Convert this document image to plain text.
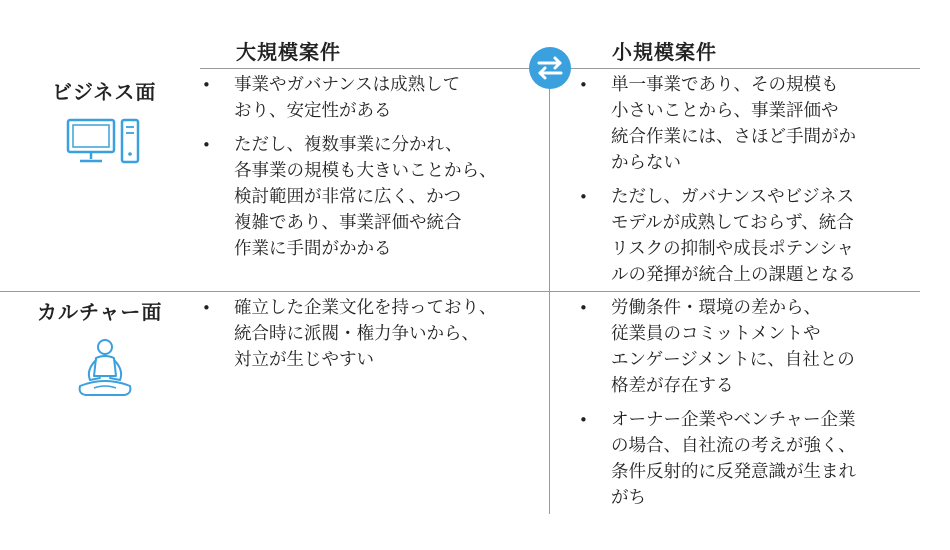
大規模案件	小規模案件
ビジネス面
カルチャー面
• 事業やガバナンスは成熟して
おり、安定性がある
• ただし、複数事業に分かれ、
各事業の規模も大きいことから、
検討範囲が非常に広く、かつ
複雑であり、事業評価や統合
作業に手間がかかる
• 単一事業であり、その規模も
小さいことから、事業評価や
統合作業には、さほど手間がか
からない
• ただし、ガバナンスやビジネス
モデルが成熟しておらず、統合
リスクの抑制や成長ポテンシャ
ルの発揮が統合上の課題となる
• 確立した企業文化を持っており、
統合時に派閥・権力争いから、
対立が生じやすい
• 労働条件・環境の差から、
従業員のコミットメントや
エンゲージメントに、自社との
格差が存在する
• オーナー企業やベンチャー企業
の場合、自社流の考えが強く、
条件反射的に反発意識が生まれ
がち
